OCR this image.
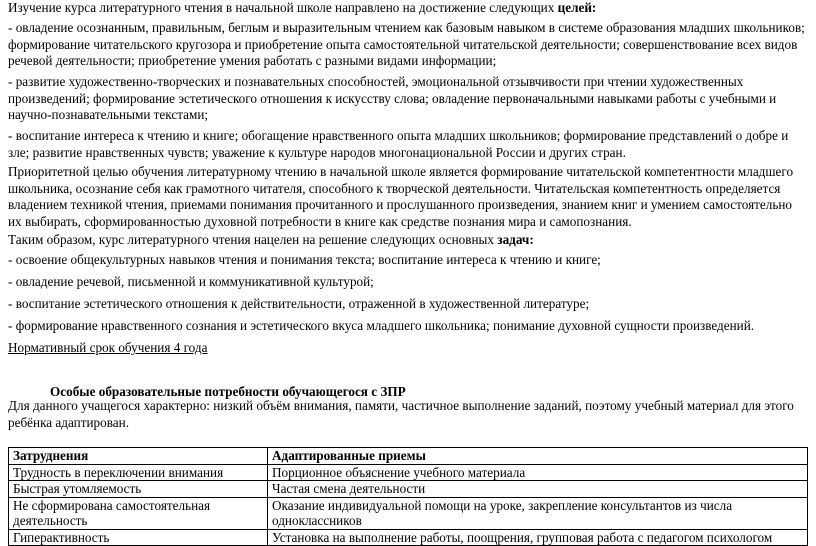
Изучение курса литературного чтения в начальной школе направлено на достижение следующих целей:

- овладение осознанным, правильным, беглым и выразительным чтением как базовым навыком в системе образования младших школьников; формирование читательского кругозора и приобретение опыта самостоятельной читательской деятельности; совершенствование всех видов речевой деятельности; приобретение умения работать с разными видами информации;

- развитие художественно-творческих и познавательных способностей, эмоциональной отзывчивости при чтении художественных произведений; формирование эстетического отношения к искусству слова; овладение первоначальными навыками работы с учебными и научно-познавательными текстами;

- воспитание интереса к чтению и книге; обогащение нравственного опыта младших школьников; формирование представлений о добре и зле; развитие нравственных чувств; уважение к культуре народов многонациональной России и других стран.

Приоритетной целью обучения литературному чтению в начальной школе является формирование читательской компетентности младшего школьника, осознание себя как грамотного читателя, способного к творческой деятельности. Читательская компетентность определяется владением техникой чтения, приемами понимания прочитанного и прослушанного произведения, знанием книг и умением самостоятельно их выбирать, сформированностью духовной потребности в книге как средстве познания мира и самопознания.

Таким образом, курс литературного чтения нацелен на решение следующих основных задач:

- освоение общекультурных навыков чтения и понимания текста; воспитание интереса к чтению и книге;

- овладение речевой, письменной и коммуникативной культурой;

- воспитание эстетического отношения к действительности, отраженной в художественной литературе;

- формирование нравственного сознания и эстетического вкуса младшего школьника; понимание духовной сущности произведений.

Нормативный срок обучения 4 года

Особые образовательные потребности обучающегося с ЗПР

Для данного учащегося характерно: низкий объём внимания, памяти, частичное выполнение заданий, поэтому учебный материал для этого ребёнка адаптирован.

Затруднения	Адаптированные приемы
Трудность в переключении внимания	Порционное объяснение учебного материала
Быстрая утомляемость	Частая смена деятельности
Не сформирована самостоятельная деятельность	Оказание индивидуальной помощи на уроке, закрепление консультантов из числа одноклассников
Гиперактивность	Установка на выполнение работы, поощрения, групповая работа с педагогом психологом
